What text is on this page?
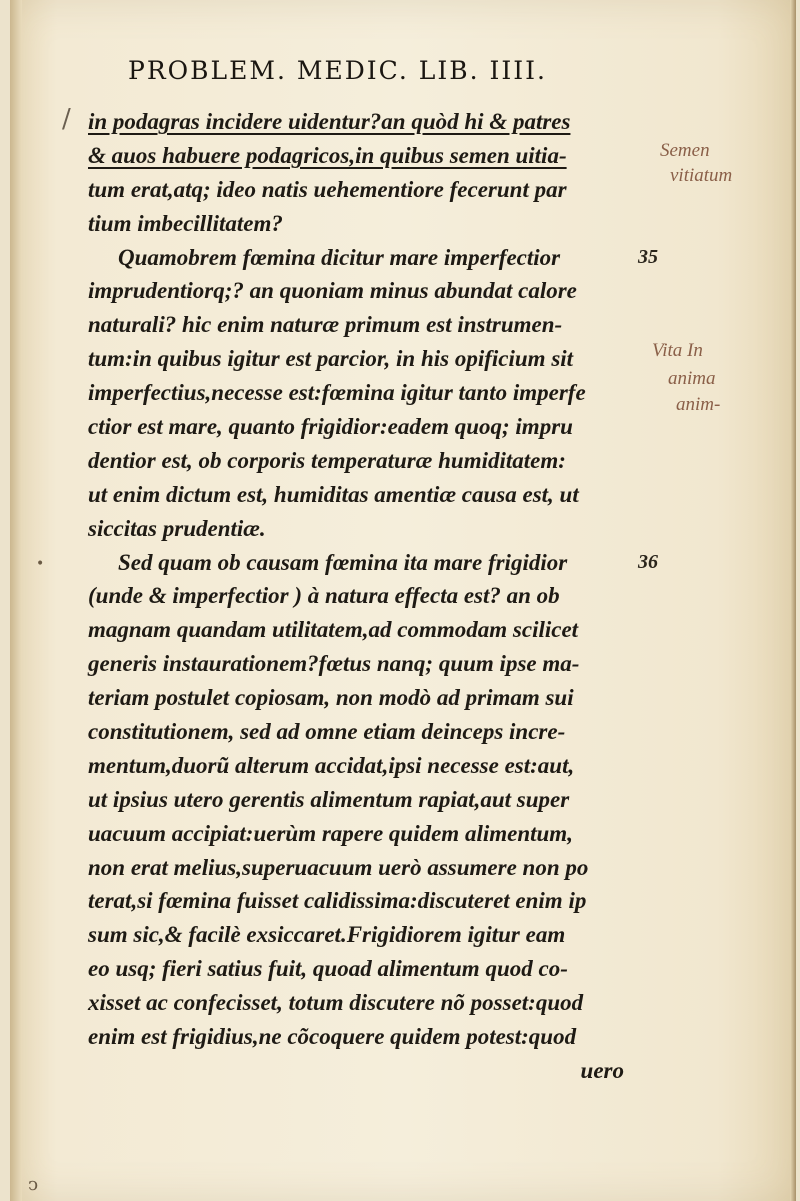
PROBLEM. MEDIC. LIB. IIII.
in podagras incidere uidentur?an quòd hi & patres
& auos habuere podagricos,in quibus semen uitia-
tum erat,atq; ideo natis uehementiore fecerunt par
tium imbecillitatem?
Quamobrem fœmina dicitur mare imperfectior
imprudentiorq;? an quoniam minus abundat calore
naturali? hic enim naturæ primum est instrumen-
tum:in quibus igitur est parcior, in his opificium sit
imperfectius,necesse est:fœmina igitur tanto imperfe
ctior est mare, quanto frigidior:eadem quoq; impru
dentior est, ob corporis temperaturæ humiditatem:
ut enim dictum est, humiditas amentiæ causa est, ut
siccitas prudentiæ.
Sed quam ob causam fœmina ita mare frigidior
(unde & imperfectior ) à natura effecta est? an ob
magnam quandam utilitatem,ad commodam scilicet
generis instaurationem?fœtus nanq; quum ipse ma-
teriam postulet copiosam, non modò ad primam sui
constitutionem, sed ad omne etiam deinceps incre-
mentum,duorũ alterum accidat,ipsi necesse est:aut,
ut ipsius utero gerentis alimentum rapiat,aut super
uacuum accipiat:uerùm rapere quidem alimentum,
non erat melius,superuacuum uerò assumere non po
terat,si fœmina fuisset calidissima:discuteret enim ip
sum sic,& facilè exsiccaret.Frigidiorem igitur eam
eo usq; fieri satius fuit, quoad alimentum quod co-
xisset ac confecisset, totum discutere nõ posset:quod
enim est frigidius,ne cõcoquere quidem potest:quod
uero
35
36
Semen
vitiatum
Vita In
anima
anim-
/
•
ↄ
